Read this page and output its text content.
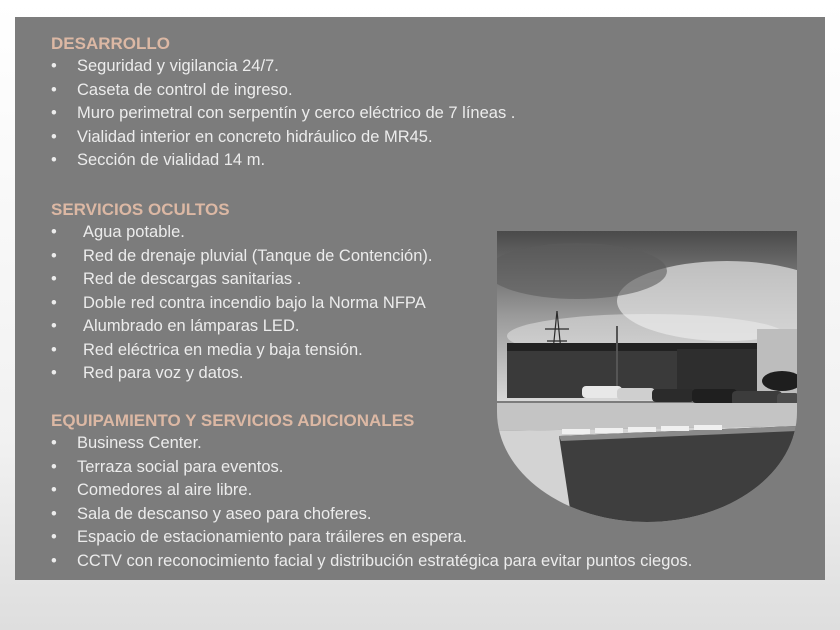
DESARROLLO
• Seguridad y vigilancia 24/7.
• Caseta de control de ingreso.
• Muro perimetral con serpentín y cerco eléctrico de 7 líneas .
• Vialidad interior en concreto hidráulico de MR45.
• Sección de vialidad 14 m.
SERVICIOS OCULTOS
• Agua potable.
• Red de drenaje pluvial (Tanque de Contención).
• Red de descargas sanitarias .
• Doble red contra incendio bajo la Norma NFPA
• Alumbrado en lámparas LED.
• Red eléctrica en media y baja tensión.
• Red para voz y datos.
EQUIPAMIENTO Y SERVICIOS ADICIONALES
• Business Center.
• Terraza social para eventos.
• Comedores al aire libre.
• Sala de descanso y aseo para choferes.
• Espacio de estacionamiento para tráileres en espera.
• CCTV con reconocimiento facial y distribución estratégica para evitar puntos ciegos.
